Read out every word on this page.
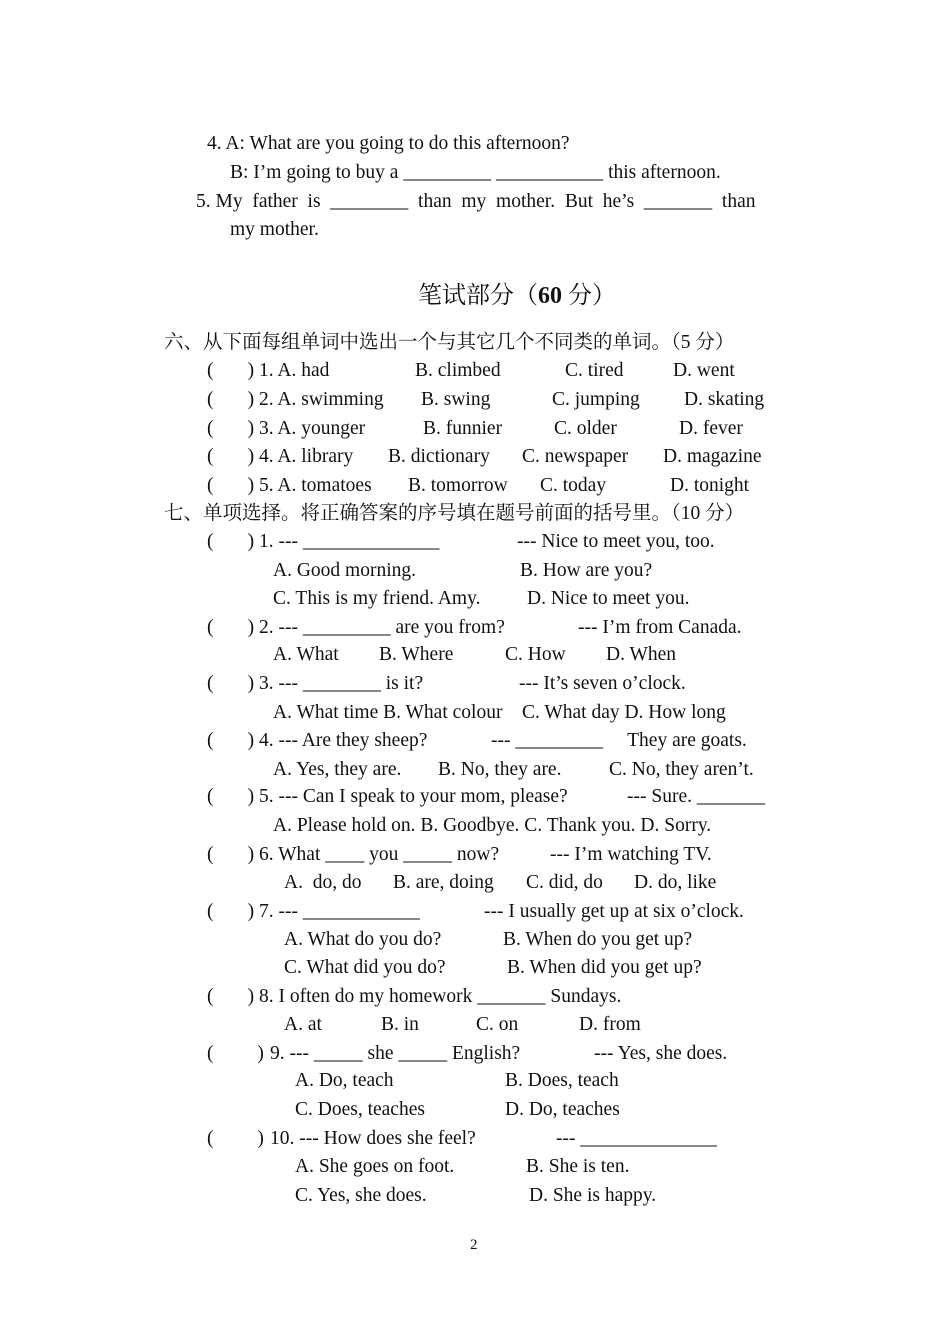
4. A: What are you going to do this afternoon?
B: I’m going to buy a _________ ___________ this afternoon.
5. My  father  is  ________  than  my  mother.  But  he’s  _______  than
my mother.
笔试部分（60 分）
六、从下面每组单词中选出一个与其它几个不同类的单词。（5 分）
(       ) 1. A. had	B. climbed	C. tired	D. went
(       ) 2. A. swimming B. swing	C. jumping D. skating
(       ) 3. A. younger	B. funnier	C. older	D. fever
(       ) 4. A. library B. dictionary C. newspaper D. magazine
(       ) 5. A. tomatoes B. tomorrow C. today	D. tonight
七、单项选择。将正确答案的序号填在题号前面的括号里。（10 分）
(       ) 1. --- ______________	--- Nice to meet you, too.
A. Good morning.	B. How are you?
C. This is my friend. Amy. D. Nice to meet you.
(       ) 2. --- _________ are you from?	--- I’m from Canada.
A. What B. Where	C. How D. When
(       ) 3. --- ________ is it?	--- It’s seven o’clock.
A. What time B. What colour    C. What day D. How long
(       ) 4. --- Are they sheep?	--- _________     They are goats.
A. Yes, they are. B. No, they are. C. No, they aren’t.
(       ) 5. --- Can I speak to your mom, please?	--- Sure. _______
A. Please hold on. B. Goodbye. C. Thank you. D. Sorry.
(       ) 6. What ____ you _____ now?	--- I’m watching TV.
A.  do, do B. are, doing C. did, do D. do, like
(       ) 7. --- ____________	--- I usually get up at six o’clock.
A. What do you do?	B. When do you get up?
C. What did you do?	B. When did you get up?
(       ) 8. I often do my homework _______ Sundays.
A. at	B. in	C. on	D. from
(         ) 9. --- _____ she _____ English?	--- Yes, she does.
A. Do, teach	B. Does, teach
C. Does, teaches	D. Do, teaches
(         ) 10. --- How does she feel?	--- ______________
A. She goes on foot.	B. She is ten.
C. Yes, she does.	D. She is happy.
2
